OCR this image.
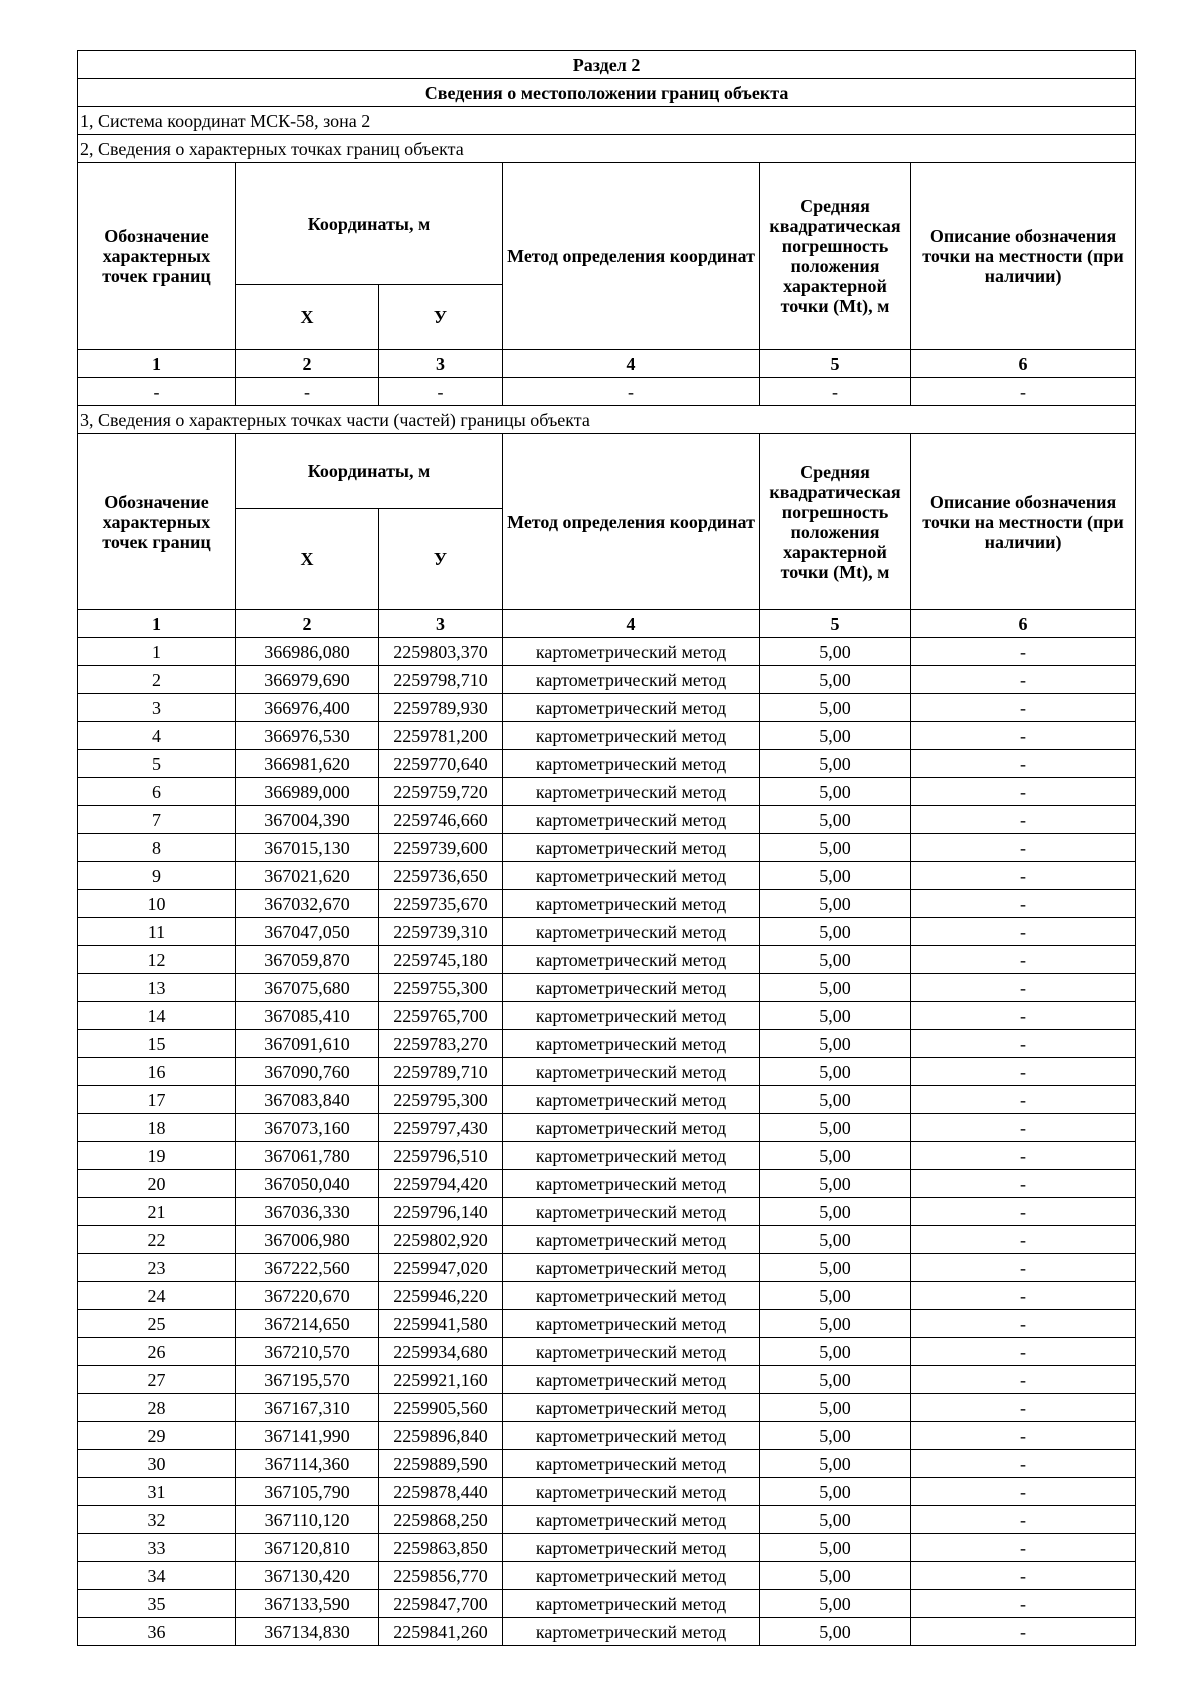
Раздел 2					
Сведения о местоположении границ объекта					
1, Система координат МСК-58, зона 2					
2, Сведения о характерных точках границ объекта					
Обозначение характерных точек границ	Координаты, м		Метод определения координат	Средняя квадратическая погрешность положения характерной точки (Mt), м	Описание обозначения точки на местности (при наличии)
	Х	У			
1	2	3	4	5	6
-	-	-	-	-	-
3, Сведения о характерных точках части (частей) границы объекта					
Обозначение характерных точек границ	Координаты, м		Метод определения координат	Средняя квадратическая погрешность положения характерной точки (Mt), м	Описание обозначения точки на местности (при наличии)
	Х	У			
1	2	3	4	5	6
1	366986,080	2259803,370	картометрический метод	5,00	-
2	366979,690	2259798,710	картометрический метод	5,00	-
3	366976,400	2259789,930	картометрический метод	5,00	-
4	366976,530	2259781,200	картометрический метод	5,00	-
5	366981,620	2259770,640	картометрический метод	5,00	-
6	366989,000	2259759,720	картометрический метод	5,00	-
7	367004,390	2259746,660	картометрический метод	5,00	-
8	367015,130	2259739,600	картометрический метод	5,00	-
9	367021,620	2259736,650	картометрический метод	5,00	-
10	367032,670	2259735,670	картометрический метод	5,00	-
11	367047,050	2259739,310	картометрический метод	5,00	-
12	367059,870	2259745,180	картометрический метод	5,00	-
13	367075,680	2259755,300	картометрический метод	5,00	-
14	367085,410	2259765,700	картометрический метод	5,00	-
15	367091,610	2259783,270	картометрический метод	5,00	-
16	367090,760	2259789,710	картометрический метод	5,00	-
17	367083,840	2259795,300	картометрический метод	5,00	-
18	367073,160	2259797,430	картометрический метод	5,00	-
19	367061,780	2259796,510	картометрический метод	5,00	-
20	367050,040	2259794,420	картометрический метод	5,00	-
21	367036,330	2259796,140	картометрический метод	5,00	-
22	367006,980	2259802,920	картометрический метод	5,00	-
23	367222,560	2259947,020	картометрический метод	5,00	-
24	367220,670	2259946,220	картометрический метод	5,00	-
25	367214,650	2259941,580	картометрический метод	5,00	-
26	367210,570	2259934,680	картометрический метод	5,00	-
27	367195,570	2259921,160	картометрический метод	5,00	-
28	367167,310	2259905,560	картометрический метод	5,00	-
29	367141,990	2259896,840	картометрический метод	5,00	-
30	367114,360	2259889,590	картометрический метод	5,00	-
31	367105,790	2259878,440	картометрический метод	5,00	-
32	367110,120	2259868,250	картометрический метод	5,00	-
33	367120,810	2259863,850	картометрический метод	5,00	-
34	367130,420	2259856,770	картометрический метод	5,00	-
35	367133,590	2259847,700	картометрический метод	5,00	-
36	367134,830	2259841,260	картометрический метод	5,00	-
